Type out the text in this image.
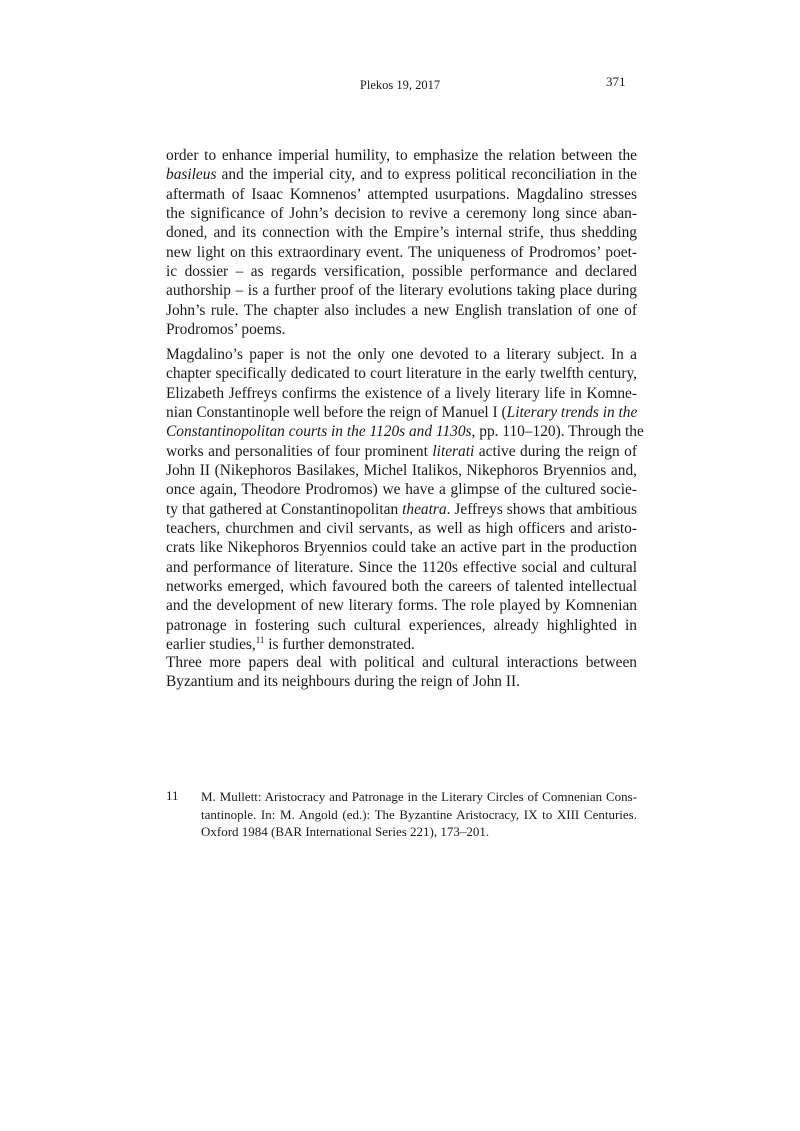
Plekos 19, 2017	371
order to enhance imperial humility, to emphasize the relation between the
basileus and the imperial city, and to express political reconciliation in the
aftermath of Isaac Komnenos’ attempted usurpations. Magdalino stresses
the significance of John’s decision to revive a ceremony long since aban-
doned, and its connection with the Empire’s internal strife, thus shedding
new light on this extraordinary event. The uniqueness of Prodromos’ poet-
ic dossier – as regards versification, possible performance and declared
authorship – is a further proof of the literary evolutions taking place during
John’s rule. The chapter also includes a new English translation of one of
Prodromos’ poems.
Magdalino’s paper is not the only one devoted to a literary subject. In a
chapter specifically dedicated to court literature in the early twelfth century,
Elizabeth Jeffreys confirms the existence of a lively literary life in Komne-
nian Constantinople well before the reign of Manuel I (Literary trends in the
Constantinopolitan courts in the 1120s and 1130s, pp. 110–120). Through the
works and personalities of four prominent literati active during the reign of
John II (Nikephoros Basilakes, Michel Italikos, Nikephoros Bryennios and,
once again, Theodore Prodromos) we have a glimpse of the cultured socie-
ty that gathered at Constantinopolitan theatra. Jeffreys shows that ambitious
teachers, churchmen and civil servants, as well as high officers and aristo-
crats like Nikephoros Bryennios could take an active part in the production
and performance of literature. Since the 1120s effective social and cultural
networks emerged, which favoured both the careers of talented intellectual
and the development of new literary forms. The role played by Komnenian
patronage in fostering such cultural experiences, already highlighted in
earlier studies,$^{11}$ is further demonstrated.
Three more papers deal with political and cultural interactions between
Byzantium and its neighbours during the reign of John II.
11 M. Mullett: Aristocracy and Patronage in the Literary Circles of Comnenian Cons-
tantinople. In: M. Angold (ed.): The Byzantine Aristocracy, IX to XIII Centuries.
Oxford 1984 (BAR International Series 221), 173–201.
